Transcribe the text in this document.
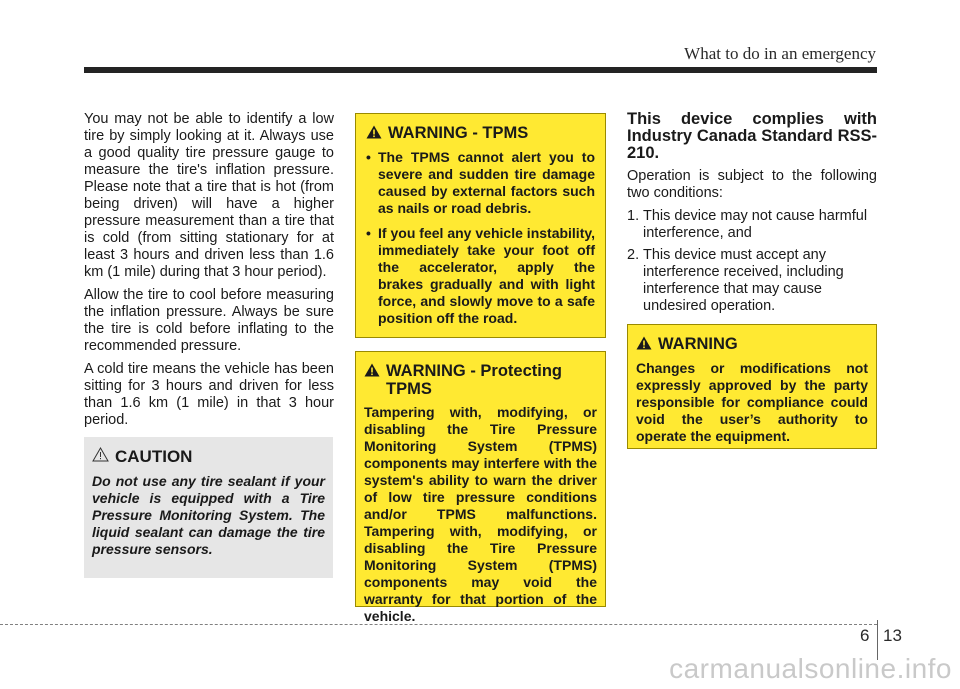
What to do in an emergency

You may not be able to identify a low tire by simply looking at it. Always use a good quality tire pressure gauge to measure the tire's inflation pressure. Please note that a tire that is hot (from being driven) will have a higher pressure measurement than a tire that is cold (from sitting stationary for at least 3 hours and driven less than 1.6 km (1 mile) during that 3 hour period).

Allow the tire to cool before measuring the inflation pressure. Always be sure the tire is cold before inflating to the recommended pressure.

A cold tire means the vehicle has been sitting for 3 hours and driven for less than 1.6 km (1 mile) in that 3 hour period.

CAUTION
Do not use any tire sealant if your vehicle is equipped with a Tire Pressure Monitoring System. The liquid sealant can damage the tire pressure sensors.
WARNING - TPMS
• The TPMS cannot alert you to severe and sudden tire damage caused by external factors such as nails or road debris.
• If you feel any vehicle instability, immediately take your foot off the accelerator, apply the brakes gradually and with light force, and slowly move to a safe position off the road.
WARNING - Protecting TPMS

Tampering with, modifying, or disabling the Tire Pressure Monitoring System (TPMS) components may interfere with the system's ability to warn the driver of low tire pressure conditions and/or TPMS malfunctions. Tampering with, modifying, or disabling the Tire Pressure Monitoring System (TPMS) components may void the warranty for that portion of the vehicle.

This device complies with Industry Canada Standard RSS-210.

Operation is subject to the following two conditions:

1. This device may not cause harmful interference, and
2. This device must accept any interference received, including interference that may cause undesired operation.
WARNING

Changes or modifications not expressly approved by the party responsible for compliance could void the user’s authority to operate the equipment.

6 13
carmanualsonline.info
